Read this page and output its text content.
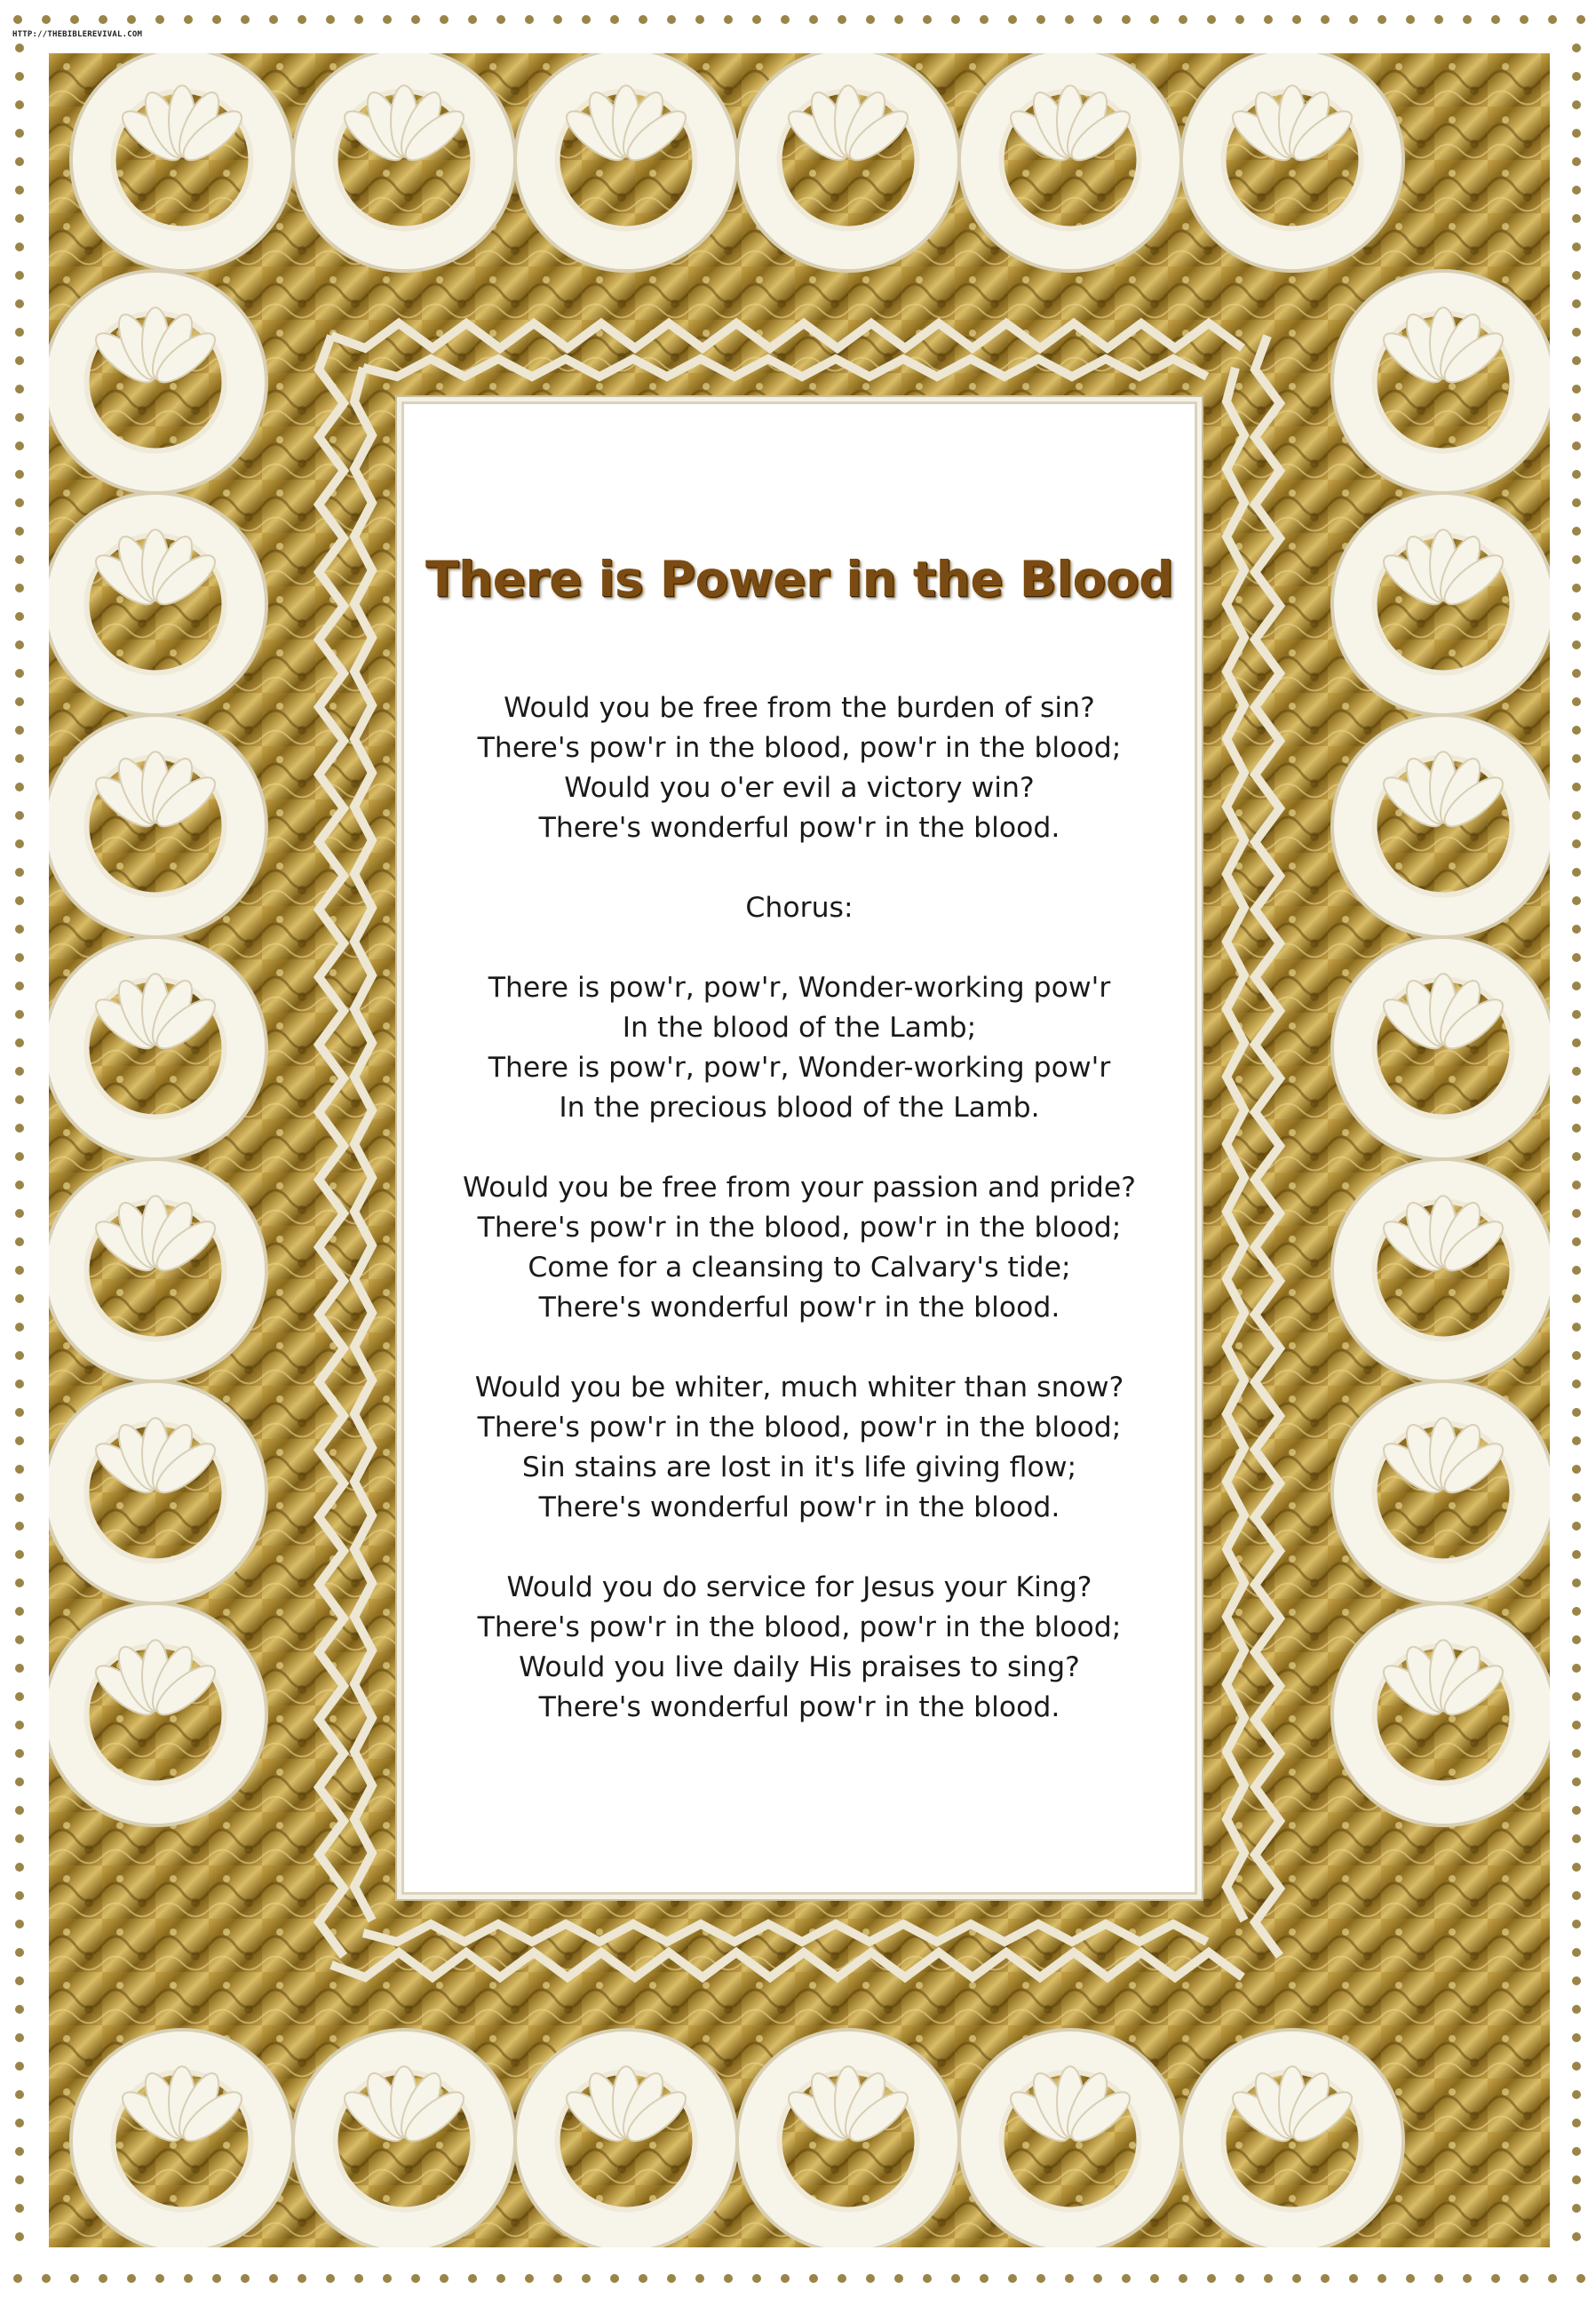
HTTP://THEBIBLEREVIVAL.COM
There is Power in the Blood
Would you be free from the burden of sin?
There's pow'r in the blood, pow'r in the blood;
Would you o'er evil a victory win?
There's wonderful pow'r in the blood.
Chorus:
There is pow'r, pow'r, Wonder-working pow'r
In the blood of the Lamb;
There is pow'r, pow'r, Wonder-working pow'r
In the precious blood of the Lamb.
Would you be free from your passion and pride?
There's pow'r in the blood, pow'r in the blood;
Come for a cleansing to Calvary's tide;
There's wonderful pow'r in the blood.
Would you be whiter, much whiter than snow?
There's pow'r in the blood, pow'r in the blood;
Sin stains are lost in it's life giving flow;
There's wonderful pow'r in the blood.
Would you do service for Jesus your King?
There's pow'r in the blood, pow'r in the blood;
Would you live daily His praises to sing?
There's wonderful pow'r in the blood.
